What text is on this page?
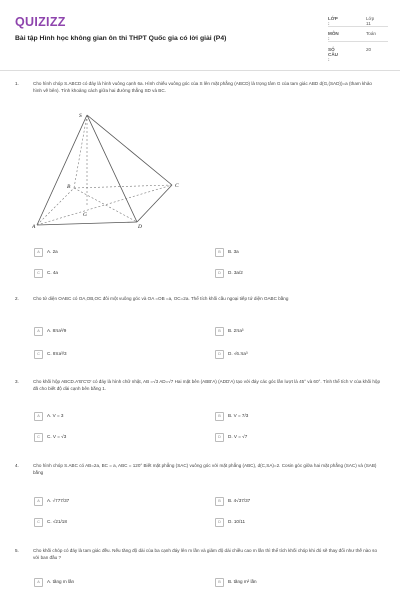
QUIZIZZ
Bài tập Hình học không gian ôn thi THPT Quốc gia có lời giải (P4)
LỚP :
Lớp 11
MÔN :
Toán
SỐ CÂU :
20
1.	Cho hình chóp S.ABCD có đáy là hình vuông cạnh 6a. Hình chiếu vuông góc của S lên mặt phẳng (ABCD) là trọng tâm G của tam giác ABD d(G,(SAD))=a (tham khảo hình vẽ bên). Tính khoảng cách giữa hai đường thẳng SD và BC.
S
B
G
C
A	D
A	A. 2a	B	B. 3a
C	C. 4a	D	D. 3a/2
2.	Cho tứ diện OABC có OA,OB,OC đôi một vuông góc và OA =OB =a, OC=2a. Thể tích khối cầu ngoại tiếp tứ diện OABC bằng
A	A. 8πa³/9	B	B. 2πa³
C	C. 8πa³/3	D	D. √6.πa³
3.	Cho khối hộp ABCD.A'B'C'D' có đáy là hình chữ nhật, AB =√3 AD=√7 Hai mặt bên (ABB'A) (ADD'A) tạo với đáy các góc lần lượt là 45° và 60°. Tính thể tích V của khối hộp đã cho biết độ dài cạnh bên bằng 1.
A	A. V = 3	B	B. V = 7/3
C	C. V = √3	D	D. V = √7
4.	Cho hình chóp S.ABC có AB=2a, BC = a, ABC = 120° Biết mặt phẳng (SAC) vuông góc với mặt phẳng (ABC), d(C,SA)=2. Cosin góc giữa hai mặt phẳng (SAC) và (SAB) bằng
A	A. √777/37	B	B. 4√37/37
C	C. √21/18	D	D. 10/11
5.	Cho khối chóp có đáy là tam giác đều. Nếu tăng độ dài của ba cạnh đáy lên m lần và giảm độ dài chiều cao m lần thì thể tích khối chóp khi đó sẽ thay đổi như thế nào so với ban đầu ?
A	A. tăng m lần	B	B. tăng m² lần
